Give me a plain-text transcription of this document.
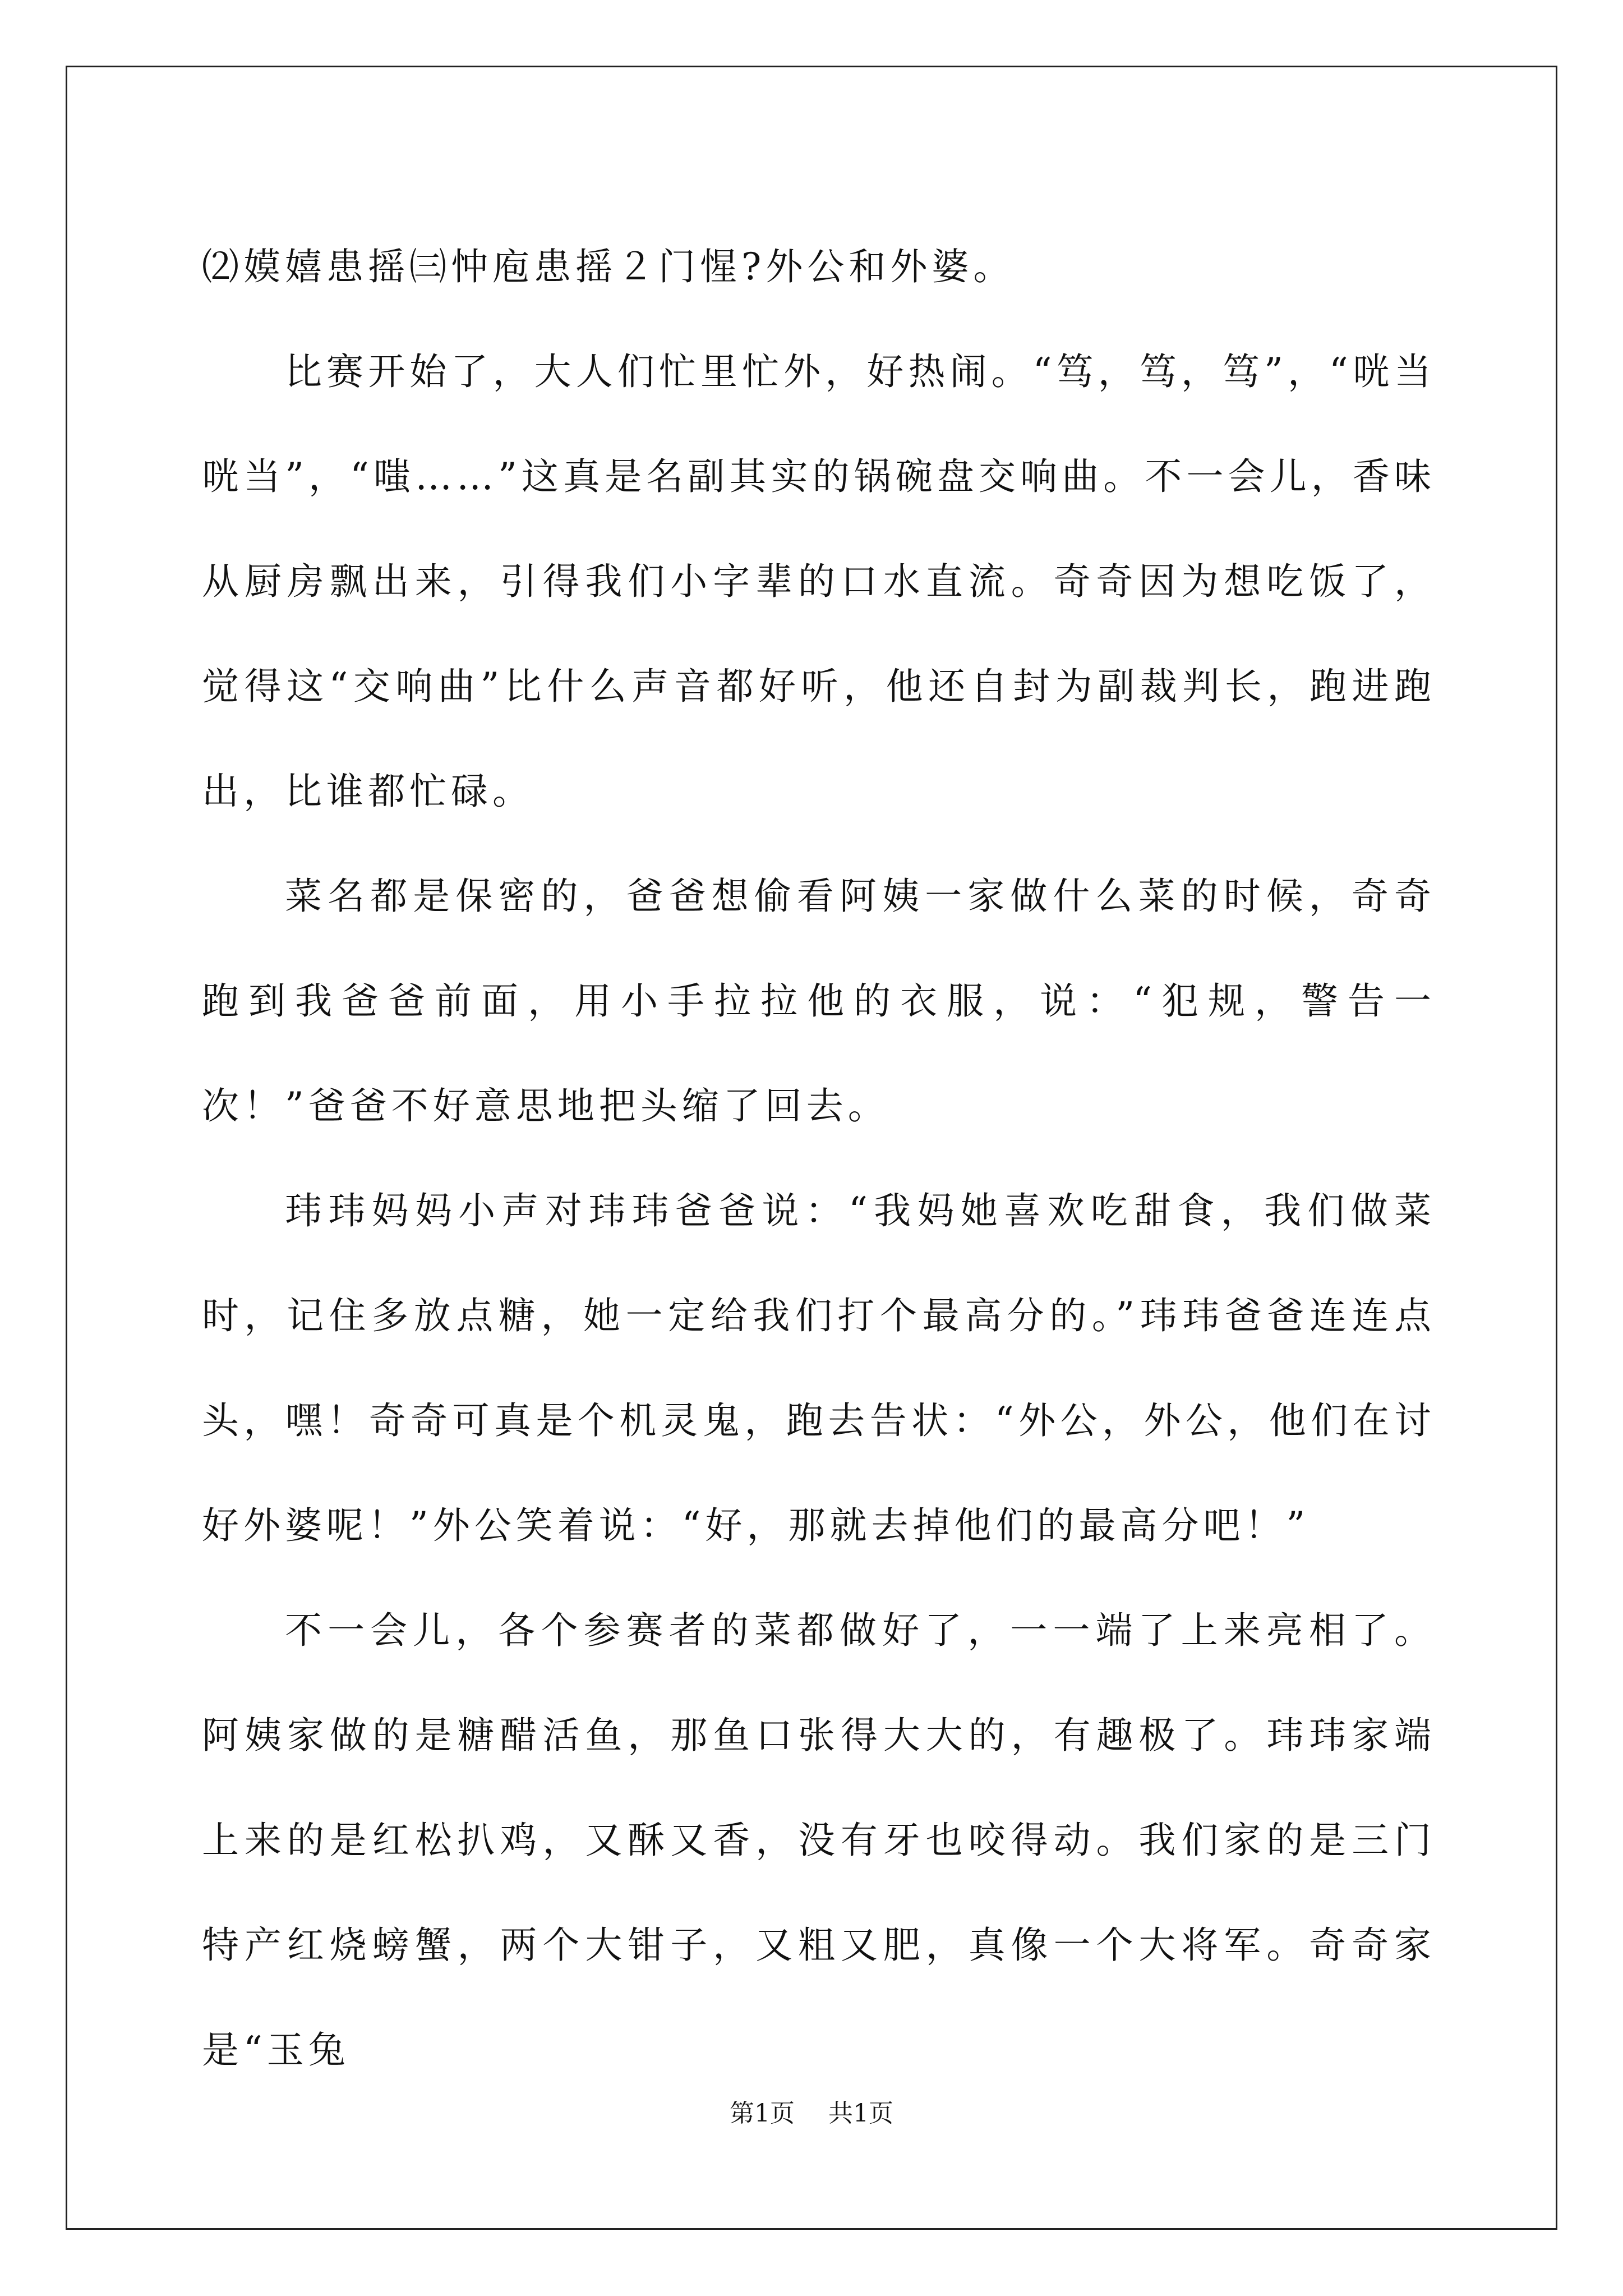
⑵嫫嬉患摇㈢忡庖患摇２门惺?外公和外婆。

比赛开始了，大人们忙里忙外，好热闹。“笃，笃，笃”，“咣当咣当”，“嗤……”这真是名副其实的锅碗盘交响曲。不一会儿，香味从厨房飘出来，引得我们小字辈的口水直流。奇奇因为想吃饭了，觉得这“交响曲”比什么声音都好听，他还自封为副裁判长，跑进跑出，比谁都忙碌。

菜名都是保密的，爸爸想偷看阿姨一家做什么菜的时候，奇奇跑到我爸爸前面，用小手拉拉他的衣服，说：“犯规，警告一次！”爸爸不好意思地把头缩了回去。

玮玮妈妈小声对玮玮爸爸说：“我妈她喜欢吃甜食，我们做菜时，记住多放点糖，她一定给我们打个最高分的。”玮玮爸爸连连点头，嘿！奇奇可真是个机灵鬼，跑去告状：“外公，外公，他们在讨好外婆呢！”外公笑着说：“好，那就去掉他们的最高分吧！”

不一会儿，各个参赛者的菜都做好了，一一端了上来亮相了。阿姨家做的是糖醋活鱼，那鱼口张得大大的，有趣极了。玮玮家端上来的是红松扒鸡，又酥又香，没有牙也咬得动。我们家的是三门特产红烧螃蟹，两个大钳子，又粗又肥，真像一个大将军。奇奇家是“玉兔

第1页 共1页
